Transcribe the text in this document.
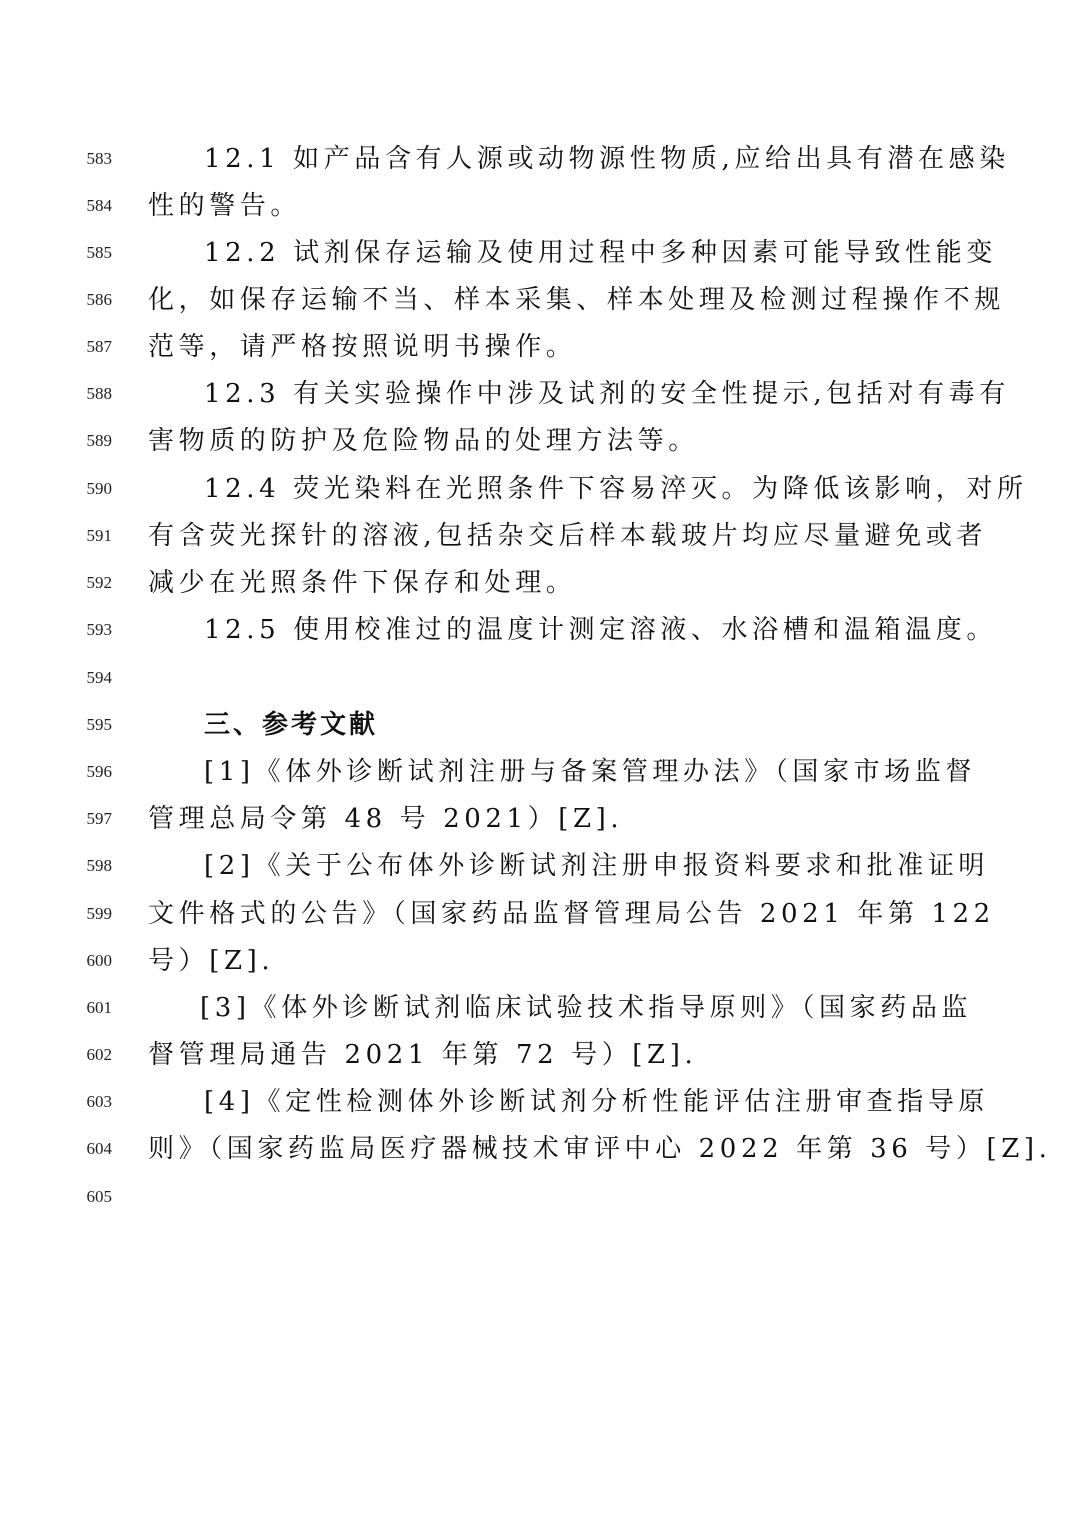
583	12.1 如产品含有人源或动物源性物质,应给出具有潜在感染
584 性的警告。
585	12.2 试剂保存运输及使用过程中多种因素可能导致性能变
586 化，如保存运输不当、样本采集、样本处理及检测过程操作不规
587 范等，请严格按照说明书操作。
588	12.3 有关实验操作中涉及试剂的安全性提示,包括对有毒有
589 害物质的防护及危险物品的处理方法等。
590	12.4 荧光染料在光照条件下容易淬灭。为降低该影响，对所
591 有含荧光探针的溶液,包括杂交后样本载玻片均应尽量避免或者
592 减少在光照条件下保存和处理。
593	12.5 使用校准过的温度计测定溶液、水浴槽和温箱温度。
594
595	三、参考文献
596	[1]《体外诊断试剂注册与备案管理办法》（国家市场监督
597 管理总局令第 48 号 2021）[Z].
598	[2]《关于公布体外诊断试剂注册申报资料要求和批准证明
599 文件格式的公告》（国家药品监督管理局公告 2021 年第 122
600 号）[Z].
601	[3]《体外诊断试剂临床试验技术指导原则》（国家药品监
602 督管理局通告 2021 年第 72 号）[Z].
603	[4]《定性检测体外诊断试剂分析性能评估注册审查指导原
604 则》（国家药监局医疗器械技术审评中心 2022 年第 36 号）[Z].
605
